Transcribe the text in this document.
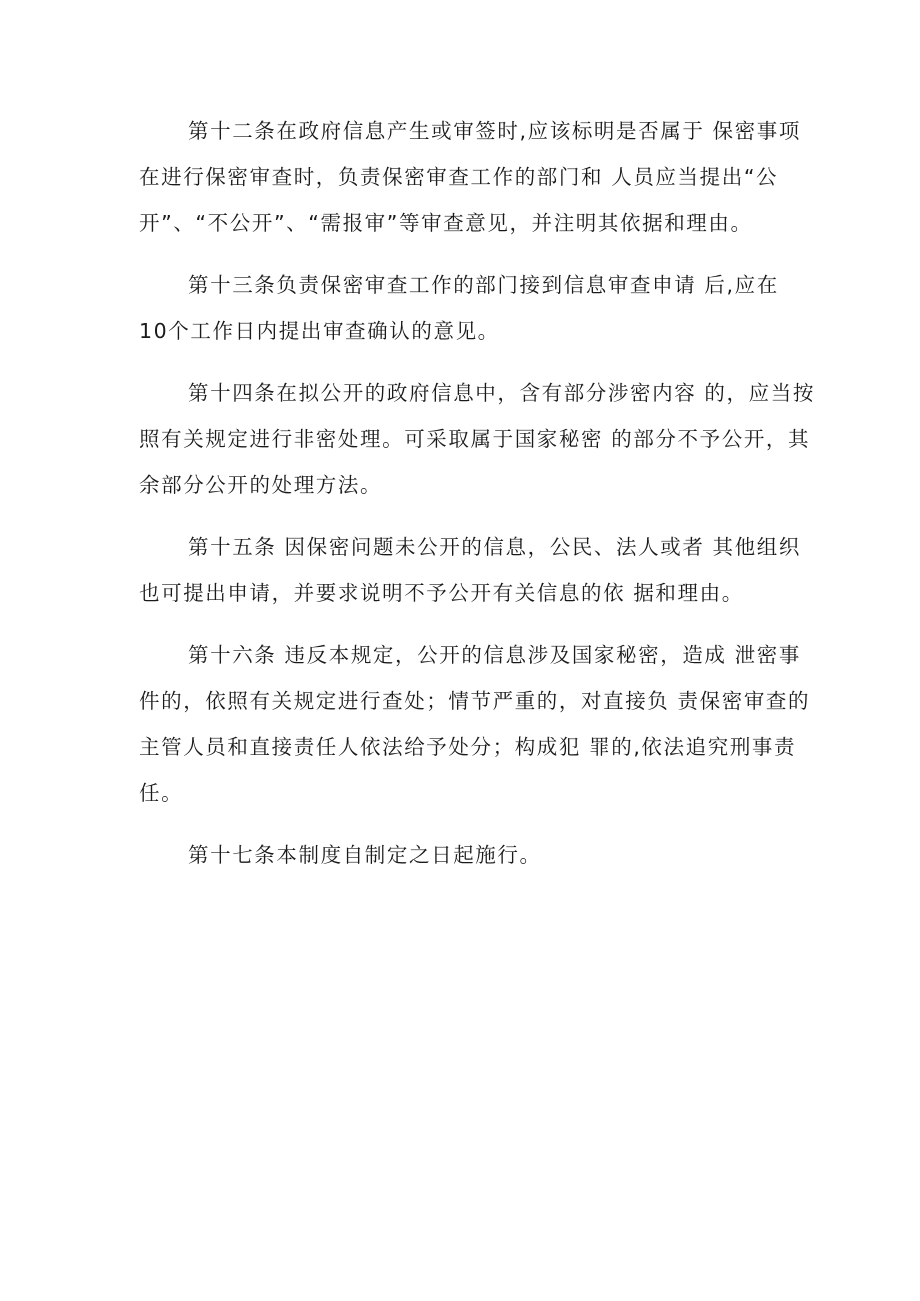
第十二条在政府信息产生或审签时,应该标明是否属于 保密事项
在进行保密审查时，负责保密审查工作的部门和 人员应当提出“公
开”、“不公开”、“需报审”等审查意见，并注明其依据和理由。

第十三条负责保密审查工作的部门接到信息审查申请 后,应在
10个工作日内提出审查确认的意见。

第十四条在拟公开的政府信息中，含有部分涉密内容 的，应当按
照有关规定进行非密处理。可采取属于国家秘密 的部分不予公开，其
余部分公开的处理方法。

第十五条 因保密问题未公开的信息，公民、法人或者 其他组织
也可提出申请，并要求说明不予公开有关信息的依 据和理由。

第十六条 违反本规定，公开的信息涉及国家秘密，造成 泄密事
件的，依照有关规定进行查处；情节严重的，对直接负 责保密审查的
主管人员和直接责任人依法给予处分；构成犯 罪的,依法追究刑事责
任。

第十七条本制度自制定之日起施行。
